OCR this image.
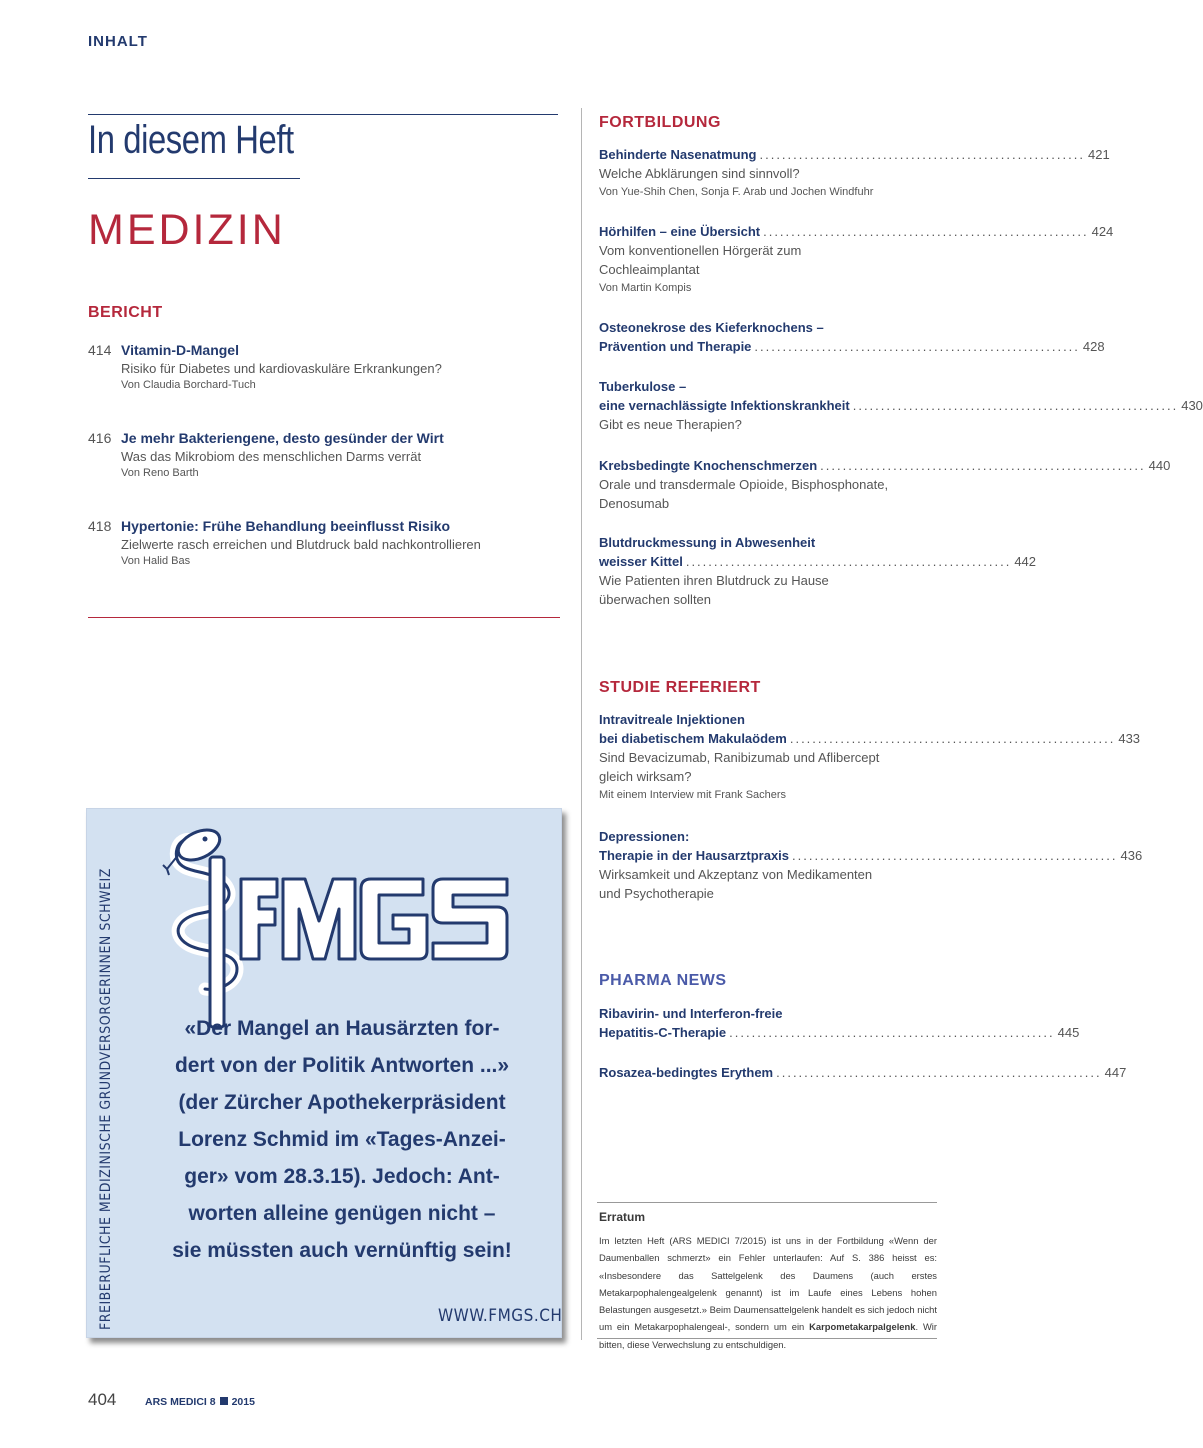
INHALT
In diesem Heft
MEDIZIN
BERICHT
414 Vitamin-D-Mangel
Risiko für Diabetes und kardiovaskuläre Erkrankungen?
Von Claudia Borchard-Tuch
416 Je mehr Bakteriengene, desto gesünder der Wirt
Was das Mikrobiom des menschlichen Darms verrät
Von Reno Barth
418 Hypertonie: Frühe Behandlung beeinflusst Risiko
Zielwerte rasch erreichen und Blutdruck bald nachkontrollieren
Von Halid Bas
FREIBERUFLICHE MEDIZINISCHE GRUNDVERSORGERINNEN SCHWEIZ	«Der Mangel an Hausärzten for-
dert von der Politik Antworten ...»
(der Zürcher Apothekerpräsident
Lorenz Schmid im «Tages-Anzei-
ger» vom 28.3.15). Jedoch: Ant-
worten alleine genügen nicht –
sie müssten auch vernünftig sein!
WWW.FMGS.CH
FORTBILDUNG
Behinderte Nasenatmung .......................................................... 421
Welche Abklärungen sind sinnvoll?
Von Yue-Shih Chen, Sonja F. Arab und Jochen Windfuhr
Hörhilfen – eine Übersicht .......................................................... 424
Vom konventionellen Hörgerät zum
Cochleaimplantat
Von Martin Kompis
Osteonekrose des Kieferknochens –
Prävention und Therapie .......................................................... 428
Tuberkulose –
eine vernachlässigte Infektionskrankheit .......................................................... 430
Gibt es neue Therapien?
Krebsbedingte Knochenschmerzen .......................................................... 440
Orale und transdermale Opioide, Bisphosphonate,
Denosumab
Blutdruckmessung in Abwesenheit
weisser Kittel .......................................................... 442
Wie Patienten ihren Blutdruck zu Hause
überwachen sollten
STUDIE REFERIERT
Intravitreale Injektionen
bei diabetischem Makulaödem .......................................................... 433
Sind Bevacizumab, Ranibizumab und Aflibercept
gleich wirksam?
Mit einem Interview mit Frank Sachers
Depressionen:
Therapie in der Hausarztpraxis .......................................................... 436
Wirksamkeit und Akzeptanz von Medikamenten
und Psychotherapie
PHARMA NEWS
Ribavirin- und Interferon-freie
Hepatitis-C-Therapie .......................................................... 445
Rosazea-bedingtes Erythem .......................................................... 447
Erratum
Im letzten Heft (ARS MEDICI 7/2015) ist uns in der Fortbildung «Wenn der Daumenballen schmerzt» ein Fehler unterlaufen: Auf S. 386 heisst es: «Insbesondere das Sattelgelenk des Daumens (auch erstes Metakarpophalengealgelenk genannt) ist im Laufe eines Lebens hohen Belastungen ausgesetzt.» Beim Daumensattelgelenk handelt es sich jedoch nicht um ein Metakarpophalengeal-, sondern um ein Karpometakarpalgelenk. Wir bitten, diese Verwechslung zu entschuldigen.
404	ARS MEDICI 8 2015
